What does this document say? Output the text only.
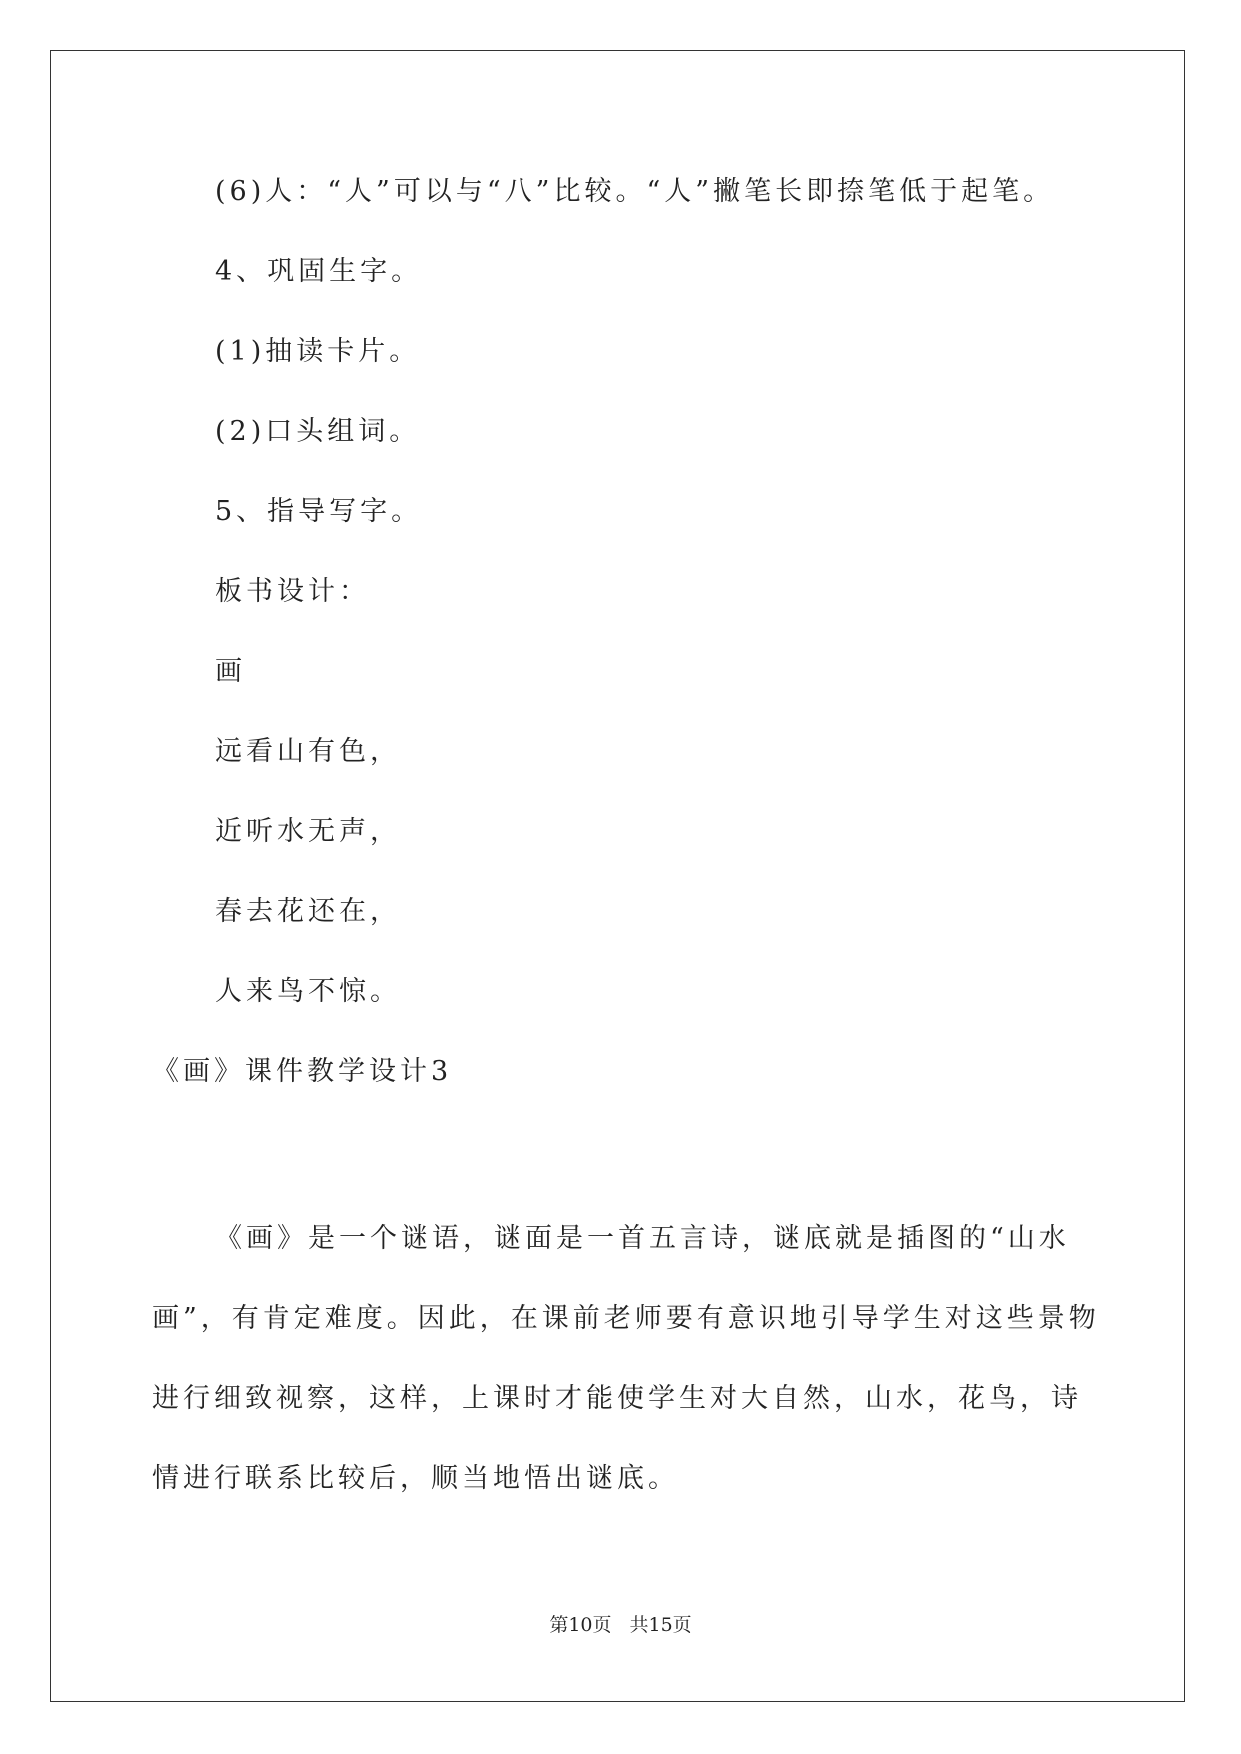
(6)人：“人”可以与“八”比较。“人”撇笔长即捺笔低于起笔。
4、巩固生字。
(1)抽读卡片。
(2)口头组词。
5、指导写字。
板书设计：
画
远看山有色，
近听水无声，
春去花还在，
人来鸟不惊。
《画》课件教学设计3
《画》是一个谜语，谜面是一首五言诗，谜底就是插图的“山水
画”，有肯定难度。因此，在课前老师要有意识地引导学生对这些景物
进行细致视察，这样，上课时才能使学生对大自然，山水，花鸟，诗
情进行联系比较后，顺当地悟出谜底。
第10页 共15页
